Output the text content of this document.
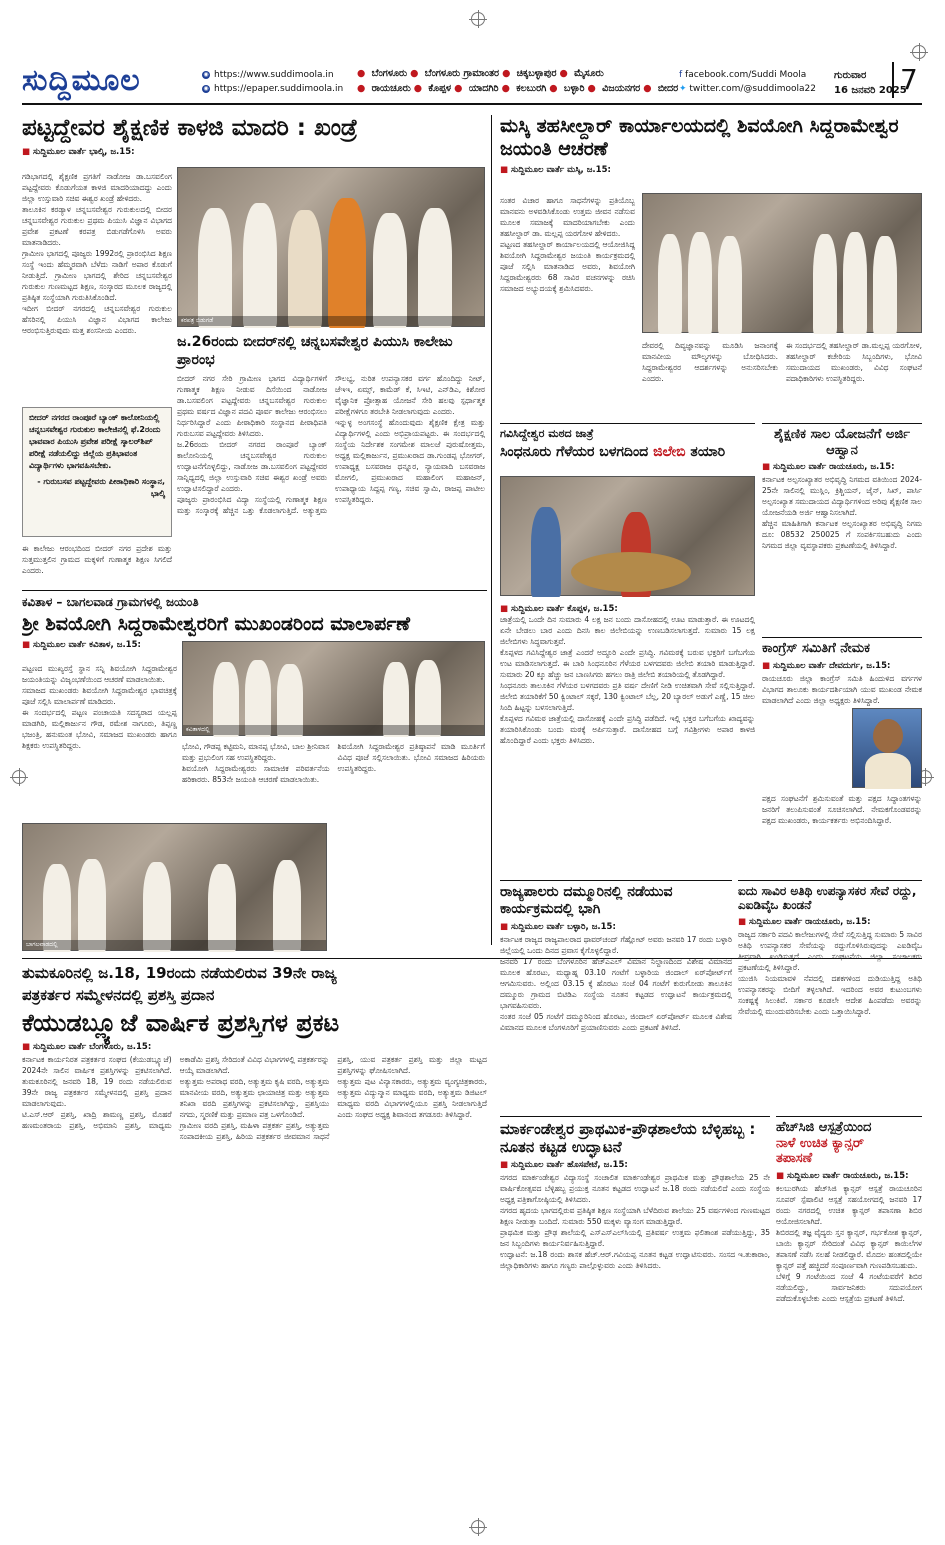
ಸುದ್ದಿಮೂಲ	◉ https://www.suddimoola.in
◉ https://epaper.suddimoola.in
● ಬೆಂಗಳೂರು ● ಬೆಂಗಳೂರು ಗ್ರಾಮಾಂತರ ● ಚಿಕ್ಕಬಳ್ಳಾಪುರ ● ಮೈಸೂರು
● ರಾಯಚೂರು ● ಕೊಪ್ಪಳ ● ಯಾದಗಿರಿ ● ಕಲಬುರಗಿ ● ಬಳ್ಳಾರಿ ● ವಿಜಯನಗರ ● ಬೀದರ
f facebook.com/Suddi Moola
✦ twitter.com/@suddimoola22
ಗುರುವಾರ
16 ಜನವರಿ 2025
7
ಪಟ್ಟದ್ದೇವರ ಶೈಕ್ಷಣಿಕ ಕಾಳಜಿ ಮಾದರಿ : ಖಂಡ್ರೆ
■ ಸುದ್ದಿಮೂಲ ವಾರ್ತೆ ಭಾಲ್ಕಿ, ಜ.15:

ಗಡಿಭಾಗದಲ್ಲಿ ಶೈಕ್ಷಣಿಕ ಪ್ರಗತಿಗೆ ನಾಡೋಜ ಡಾ.ಬಸವಲಿಂಗ ಪಟ್ಟದ್ದೇವರು ಕೊಡುಗೆಯತ ಕಾಳಜಿ ಮಾದರಿಯಾದದ್ದು ಎಂದು ಜಿಲ್ಲಾ ಉಸ್ತುವಾರಿ ಸಚಿವ ಈಶ್ವರ ಖಂಡ್ರೆ ಹೇಳಿದರು.

ತಾಲೂಕಿನ ಕರಡ್ಯಾಳ ಚನ್ನಬಸವೇಶ್ವರ ಗುರುಕುಲದಲ್ಲಿ ಬೀದರ ಚನ್ನಬಸವೇಶ್ವರ ಗುರುಕುಲ ಪ್ರಥಮ ಪಿಯುಸಿ ವಿಜ್ಞಾನ ವಿಭಾಗದ ಪ್ರವೇಶ ಪ್ರಕಟಣೆ ಕರಪತ್ರ ಬಿಡುಗಡೆಗೊಳಿಸಿ ಅವರು ಮಾತನಾಡಿದರು.

ಗ್ರಾಮೀಣ ಭಾಗದಲ್ಲಿ ಪೂಜ್ಯರು 1992ರಲ್ಲಿ ಪ್ರಾರಂಭಿಸಿದ ಶಿಕ್ಷಣ ಸಂಸ್ಥೆ ಇಂದು ಹೆಮ್ಮರವಾಗಿ ಬೆಳೆದು ನಾಡಿಗೆ ಅಪಾರ ಕೊಡುಗೆ ನೀಡುತ್ತಿದೆ. ಗ್ರಾಮೀಣ ಭಾಗದಲ್ಲಿ ಶೇರಿದ ಚನ್ನಬಸವೇಶ್ವರ ಗುರುಕುಲ ಗುಣಮಟ್ಟದ ಶಿಕ್ಷಣ, ಸಂಸ್ಕಾರದ ಮೂಲಕ ರಾಜ್ಯದಲ್ಲಿ ಪ್ರತಿಷ್ಠಿತ ಸಂಸ್ಥೆಯಾಗಿ ಗುರುತಿಸಿಕೊಂಡಿದೆ.

ಇದೀಗ ಬೀದರ್ ನಗರದಲ್ಲಿ ಚನ್ನಬಸವೇಶ್ವರ ಗುರುಕುಲ ಹೆಸರಿನಲ್ಲಿ ಪಿಯುಸಿ ವಿಜ್ಞಾನ ವಿಭಾಗದ ಕಾಲೇಜು ಆರಂಭಿಸುತ್ತಿರುವುದು ಮತ್ತ ಶಂಸನೀಯ ಎಂದರು.

ಕರಪತ್ರ ಬಿಡುಗಡೆ
ಜ.26ರಂದು ಬೀದರ್‌ನಲ್ಲಿ ಚನ್ನಬಸವೇಶ್ವರ ಪಿಯುಸಿ ಕಾಲೇಜು ಪ್ರಾರಂಭ
ಬೀದರ್ ನಗರದ ರಾಂಪೂರೆ ಬ್ಯಾಂಕ್ ಕಾಲೋನಿಯಲ್ಲಿ ಚನ್ನಬಸವೇಶ್ವರ ಗುರುಕುಲ ಕಾಲೇಜಿನಲ್ಲಿ ಫೆ.2ರಂದು ಭಾವವಾರ ಪಿಯುಸಿ ಪ್ರವೇಶ ಪರೀಕ್ಷೆ ಸ್ಕಾಲರ್‌ಶಿಪ್ ಪರೀಕ್ಷೆ ನಡೆಯಲಿದ್ದು ಜಿಲ್ಲೆಯ ಪ್ರತಿಭಾವಂತ ವಿದ್ಯಾರ್ಥಿಗಳು ಭಾಗವಹಿಸಬೇಕು.
- ಗುರುಬಸವ ಪಟ್ಟದ್ದೇವರು ಪೀಠಾಧಿಕಾರಿ ಸಂಸ್ಥಾನ, ಭಾಲ್ಕಿ
ಈ ಕಾಲೇಜು ಆರಂಭದಿಂದ ಬೀದರ್ ನಗರ ಪ್ರದೇಶ ಮತ್ತು ಸುತ್ತಮುತ್ತಲಿನ ಗ್ರಾಮದ ಮಕ್ಕಳಿಗೆ ಗುಣಾತ್ಮಕ ಶಿಕ್ಷಣ ಸಿಗಲಿದೆ ಎಂದರು.

ಬೀದರ್ ನಗರ ಸೇರಿ ಗ್ರಾಮೀಣ ಭಾಗದ ವಿದ್ಯಾರ್ಥಿಗಳಿಗೆ ಗುಣಾತ್ಮಕ ಶಿಕ್ಷಣ ನೀಡುವ ದಿಸೆಯಿಂದ ನಾಡೋಜ ಡಾ.ಬಸವಲಿಂಗ ಪಟ್ಟದ್ದೇವರು ಚನ್ನಬಸವೇಶ್ವರ ಗುರುಕುಲ ಪ್ರಥಮ ವರ್ಷದ ವಿಜ್ಞಾನ ಪದವಿ ಪೂರ್ವ ಕಾಲೇಜು ಆರಂಭಿಸಲು ನಿರ್ಧರಿಸಿದ್ದಾರೆ ಎಂದು ಪೀಠಾಧಿಕಾರಿ ಸಂಸ್ಥಾನದ ಪೀಠಾಧಿಪತಿ ಗುರುಬಸವ ಪಟ್ಟದ್ದೇವರು ತಿಳಿಸಿದರು.

ಜ.26ರಂದು ಬೀದರ್ ನಗರದ ರಾಂಪೂರೆ ಬ್ಯಾಂಕ್ ಕಾಲೋನಿಯಲ್ಲಿ ಚನ್ನಬಸವೇಶ್ವರ ಗುರುಕುಲ ಉದ್ಘಾಟನೆಗೊಳ್ಳಲಿದ್ದು, ನಾಡೋಜ ಡಾ.ಬಸವಲಿಂಗ ಪಟ್ಟದ್ದೇವರ ಸಾನ್ನಿಧ್ಯದಲ್ಲಿ ಜಿಲ್ಲಾ ಉಸ್ತುವಾರಿ ಸಚಿವ ಈಶ್ವರ ಖಂಡ್ರೆ ಅವರು ಉದ್ಘಾಟಿಸಲಿದ್ದಾರೆ ಎಂದರು.

ಪೂಜ್ಯರು ಪ್ರಾರಂಭಿಸಿದ ವಿದ್ಯಾ ಸಂಸ್ಥೆಯಲ್ಲಿ ಗುಣಾತ್ಮಕ ಶಿಕ್ಷಣ ಮತ್ತು ಸಂಸ್ಕಾರಕ್ಕೆ ಹೆಚ್ಚಿನ ಒತ್ತು ಕೊಡಲಾಗುತ್ತಿದೆ. ಅತ್ಯುತ್ತಮ ಸೌಲಭ್ಯ, ನುರಿತ ಉಪನ್ಯಾಸಕರ ವರ್ಗ ಹೊಂದಿದ್ದು ನೀಟ್, ಜೆಇಇ, ಏಮ್ಸ್, ಕಾಮೆಡ್ ಕೆ, ಸಿಇಟಿ, ಎನ್‌ಡಿಎ, ಕಿಶೋರ ವೈಜ್ಞಾನಿಕ ಪ್ರೋತ್ಸಾಹ ಯೋಜನೆ ಸೇರಿ ಹಲವು ಸ್ಪರ್ಧಾತ್ಮಕ ಪರೀಕ್ಷೆಗಳಿಗೂ ತರಬೇತಿ ನೀಡಲಾಗುವುದು ಎಂದರು.

ಇನ್ನುಳ್ಳ ಅಂಗಸಂಸ್ಥೆ ಹೊಂದುವುದು ಶೈಕ್ಷಣಿಕ ಕ್ಷೇತ್ರ ಮತ್ತು ವಿದ್ಯಾರ್ಥಿಗಳಲ್ಲಿ ಎಂದು ಅಭಿಪ್ರಾಯಪಟ್ಟರು. ಈ ಸಂದರ್ಭದಲ್ಲಿ ಸಂಸ್ಥೆಯ ನಿರ್ದೇಶಕ ಸಂಗಮೇಶ ಮಾಲಜೆ ಪುರುಷೋತ್ತಮ, ಅಧ್ಯಕ್ಷ ಮಲ್ಲಿಕಾರ್ಜುನ, ಪ್ರಮುಖರಾದ ಡಾ.ಗುಂಡಪ್ಪ ಭೋಗರ್, ಉಪಾಧ್ಯಕ್ಷ ಬಸವರಾಜ ಧನ್ನೂರ, ನ್ಯಾಯವಾದಿ ಬಸವರಾಜ ಮೋಗಲಿ, ಪ್ರಮುಖರಾದ ಮಹಾಲಿಂಗ ಮಹಾಜನ್, ಉಪಾಧ್ಯಾಯ ಸಿದ್ದಪ್ಪ ಗಣ್ಯ, ಸಚಿವ ಸ್ವಾಮಿ, ರಾಜಪ್ಪ ಪಾಟೀಲ ಉಪಸ್ಥಿತರಿದ್ದರು.

ಕವಿತಾಳ – ಬಾಗಲವಾಡ ಗ್ರಾಮಗಳಲ್ಲಿ ಜಯಂತಿ
ಶ್ರೀ ಶಿವಯೋಗಿ ಸಿದ್ದರಾಮೇಶ್ವರರಿಗೆ ಮುಖಂಡರಿಂದ ಮಾಲಾರ್ಪಣೆ
■ ಸುದ್ದಿಮೂಲ ವಾರ್ತೆ ಕವಿತಾಳ, ಜ.15:

ಪಟ್ಟಣದ ಮುಖ್ಯರಸ್ತೆ ಸ್ಥಾನ ಸನ್ನಿ ಶಿವಯೋಗಿ ಸಿದ್ದರಾಮೇಶ್ವರ ಜಯಂತಿಯನ್ನು ವಿಜೃಂಭಣೆಯಿಂದ ಆಚರಣೆ ಮಾಡಲಾಯಿತು.

ಸಮಾಜದ ಮುಖಂಡರು ಶಿವಯೋಗಿ ಸಿದ್ದರಾಮೇಶ್ವರ ಭಾವಚಿತ್ರಕ್ಕೆ ಪೂಜೆ ಸಲ್ಲಿಸಿ ಮಾಲಾರ್ಪಣೆ ಮಾಡಿದರು.

ಈ ಸಂದರ್ಭದಲ್ಲಿ ಪಟ್ಟಣ ಪಂಚಾಯತಿ ಸದಸ್ಯರಾದ ಯಲ್ಲಪ್ಪ ಮಾಡಗಿರಿ, ಮಲ್ಲಿಕಾರ್ಜುನ ಗೌಡ, ರಮೇಶ ನಾಗೂರು, ತಿಪ್ಪಣ್ಣ ಭಜಂತ್ರಿ, ಹನುಮಂತ ಭೋವಿ, ಸಮಾಜದ ಮುಖಂಡರು ಹಾಗೂ ಶಿಕ್ಷಕರು ಉಪಸ್ಥಿತರಿದ್ದರು.

ಕವಿತಾಳದಲ್ಲಿ

ಭೋವಿ, ಗೌಡಪ್ಪ ಕಟ್ಟಿಮನಿ, ಮಾನಪ್ಪ ಭೋವಿ, ಬಾಲ ಶ್ರೀನಿವಾಸ ಮತ್ತು ಪ್ರಭುಲಿಂಗ ಸಹ ಉಪಸ್ಥಿತರಿದ್ದರು.

ಶಿವಯೋಗಿ ಸಿದ್ದರಾಮೇಶ್ವರರು ಸಾಮಾಜಿಕ ಪರಿವರ್ತನೆಯ ಹರಿಕಾರರು. 853ನೇ ಜಯಂತಿ ಆಚರಣೆ ಮಾಡಲಾಯಿತು.

ಶಿವಯೋಗಿ ಸಿದ್ದರಾಮೇಶ್ವರ ಪ್ರತಿಷ್ಠಾಪನೆ ಮಾಡಿ ಮೂರ್ತಿಗೆ ವಿವಿಧ ಪೂಜೆ ಸಲ್ಲಿಸಲಾಯಿತು. ಭೋವಿ ಸಮಾಜದ ಹಿರಿಯರು ಉಪಸ್ಥಿತರಿದ್ದರು.

ಬಾಗಲವಾಡದಲ್ಲಿ
ತುಮಕೂರಿನಲ್ಲಿ ಜ.18, 19ರಂದು ನಡೆಯಲಿರುವ 39ನೇ ರಾಜ್ಯ
ಪತ್ರಕರ್ತರ ಸಮ್ಮೇಳನದಲ್ಲಿ ಪ್ರಶಸ್ತಿ ಪ್ರದಾನ
ಕೆಯುಡಬ್ಲ್ಯೂಜೆ ವಾರ್ಷಿಕ ಪ್ರಶಸ್ತಿಗಳ ಪ್ರಕಟ
■ ಸುದ್ದಿಮೂಲ ವಾರ್ತೆ ಬೆಂಗಳೂರು, ಜ.15:

ಕರ್ನಾಟಕ ಕಾರ್ಯನಿರತ ಪತ್ರಕರ್ತರ ಸಂಘದ (ಕೆಯುಡಬ್ಲ್ಯೂಜೆ) 2024ನೇ ಸಾಲಿನ ವಾರ್ಷಿಕ ಪ್ರಶಸ್ತಿಗಳನ್ನು ಪ್ರಕಟಿಸಲಾಗಿದೆ. ತುಮಕೂರಿನಲ್ಲಿ ಜನವರಿ 18, 19 ರಂದು ನಡೆಯಲಿರುವ 39ನೇ ರಾಜ್ಯ ಪತ್ರಕರ್ತರ ಸಮ್ಮೇಳನದಲ್ಲಿ ಪ್ರಶಸ್ತಿ ಪ್ರದಾನ ಮಾಡಲಾಗುವುದು.

ಟಿ.ಎಸ್.ಆರ್ ಪ್ರಶಸ್ತಿ, ಖಾದ್ರಿ ಶಾಮಣ್ಣ ಪ್ರಶಸ್ತಿ, ಮೊಹರೆ ಹಣಮಂತರಾಯ ಪ್ರಶಸ್ತಿ, ಅಭಿಮಾನಿ ಪ್ರಶಸ್ತಿ, ಮಾಧ್ಯಮ ಅಕಾಡೆಮಿ ಪ್ರಶಸ್ತಿ ಸೇರಿದಂತೆ ವಿವಿಧ ವಿಭಾಗಗಳಲ್ಲಿ ಪತ್ರಕರ್ತರನ್ನು ಆಯ್ಕೆ ಮಾಡಲಾಗಿದೆ.

ಅತ್ಯುತ್ತಮ ಅಪರಾಧ ವರದಿ, ಅತ್ಯುತ್ತಮ ಕೃಷಿ ವರದಿ, ಅತ್ಯುತ್ತಮ ಮಾನವೀಯ ವರದಿ, ಅತ್ಯುತ್ತಮ ಛಾಯಾಚಿತ್ರ ಮತ್ತು ಅತ್ಯುತ್ತಮ ತನಿಖಾ ವರದಿ ಪ್ರಶಸ್ತಿಗಳನ್ನು ಪ್ರಕಟಿಸಲಾಗಿದ್ದು, ಪ್ರಶಸ್ತಿಯು ನಗದು, ಸ್ಮರಣಿಕೆ ಮತ್ತು ಪ್ರಮಾಣ ಪತ್ರ ಒಳಗೊಂಡಿದೆ.

ಗ್ರಾಮೀಣ ವರದಿ ಪ್ರಶಸ್ತಿ, ಮಹಿಳಾ ಪತ್ರಕರ್ತ ಪ್ರಶಸ್ತಿ, ಅತ್ಯುತ್ತಮ ಸಂಪಾದಕೀಯ ಪ್ರಶಸ್ತಿ, ಹಿರಿಯ ಪತ್ರಕರ್ತರ ಜೀವಮಾನ ಸಾಧನೆ ಪ್ರಶಸ್ತಿ, ಯುವ ಪತ್ರಕರ್ತ ಪ್ರಶಸ್ತಿ ಮತ್ತು ಜಿಲ್ಲಾ ಮಟ್ಟದ ಪ್ರಶಸ್ತಿಗಳನ್ನು ಘೋಷಿಸಲಾಗಿದೆ.

ಅತ್ಯುತ್ತಮ ಪುಟ ವಿನ್ಯಾಸಕಾರರು, ಅತ್ಯುತ್ತಮ ವ್ಯಂಗ್ಯಚಿತ್ರಕಾರರು, ಅತ್ಯುತ್ತಮ ವಿದ್ಯುನ್ಮಾನ ಮಾಧ್ಯಮ ವರದಿ, ಅತ್ಯುತ್ತಮ ಡಿಜಿಟಲ್ ಮಾಧ್ಯಮ ವರದಿ ವಿಭಾಗಗಳಲ್ಲಿಯೂ ಪ್ರಶಸ್ತಿ ನೀಡಲಾಗುತ್ತಿದೆ ಎಂದು ಸಂಘದ ಅಧ್ಯಕ್ಷ ಶಿವಾನಂದ ತಗಡೂರು ತಿಳಿಸಿದ್ದಾರೆ.

ಮಸ್ಕಿ ತಹಸೀಲ್ದಾರ್ ಕಾರ್ಯಾಲಯದಲ್ಲಿ ಶಿವಯೋಗಿ ಸಿದ್ದರಾಮೇಶ್ವರ ಜಯಂತಿ ಆಚರಣೆ
■ ಸುದ್ದಿಮೂಲ ವಾರ್ತೆ ಮಸ್ಕಿ, ಜ.15:

ಸಂತರ ವಿಚಾರ ಹಾಗೂ ಸಾಧನೆಗಳನ್ನು ಪ್ರತಿಯೊಬ್ಬ ಮಾನವನು ಅಳವಡಿಸಿಕೊಂಡು ಉತ್ತಮ ಜೀವನ ನಡೆಸುವ ಮೂಲಕ ಸಮಾಜಕ್ಕೆ ಮಾದರಿಯಾಗಬೇಕು ಎಂದು ತಹಸೀಲ್ದಾರ್ ಡಾ. ಮಲ್ಲಪ್ಪ ಯರಗೋಳ ಹೇಳಿದರು.

ಪಟ್ಟಣದ ತಹಸೀಲ್ದಾರ್ ಕಾರ್ಯಾಲಯದಲ್ಲಿ ಆಯೋಜಿಸಿದ್ದ ಶಿವಯೋಗಿ ಸಿದ್ದರಾಮೇಶ್ವರ ಜಯಂತಿ ಕಾರ್ಯಕ್ರಮದಲ್ಲಿ ಪೂಜೆ ಸಲ್ಲಿಸಿ ಮಾತನಾಡಿದ ಅವರು, ಶಿವಯೋಗಿ ಸಿದ್ದರಾಮೇಶ್ವರರು 68 ಸಾವಿರ ವಚನಗಳನ್ನು ರಚಿಸಿ ಸಮಾಜದ ಅಭ್ಯುದಯಕ್ಕೆ ಶ್ರಮಿಸಿದವರು.

ದೇವರಲ್ಲಿ ದಿವ್ಯಜ್ಞಾನವನ್ನು ಮೂಡಿಸಿ ಜನಾಂಗಕ್ಕೆ ಮಾನವೀಯ ಮೌಲ್ಯಗಳನ್ನು ಬೋಧಿಸಿದರು. ಸಿದ್ದರಾಮೇಶ್ವರರ ಆದರ್ಶಗಳನ್ನು ಅನುಸರಿಸಬೇಕು ಎಂದರು.

ಈ ಸಂದರ್ಭದಲ್ಲಿ ತಹಸೀಲ್ದಾರ್ ಡಾ.ಮಲ್ಲಪ್ಪ ಯರಗೋಳ, ತಹಸೀಲ್ದಾರ್ ಕಚೇರಿಯ ಸಿಬ್ಬಂದಿಗಳು, ಭೋವಿ ಸಮುದಾಯದ ಮುಖಂಡರು, ವಿವಿಧ ಸಂಘಟನೆ ಪದಾಧಿಕಾರಿಗಳು ಉಪಸ್ಥಿತರಿದ್ದರು.

ಗವಿಸಿದ್ದೇಶ್ವರ ಮಠದ ಜಾತ್ರೆ
ಸಿಂಧನೂರು ಗೆಳೆಯರ ಬಳಗದಿಂದ ಜಿಲೇಬಿ ತಯಾರಿ
■ ಸುದ್ದಿಮೂಲ ವಾರ್ತೆ ಕೊಪ್ಪಳ, ಜ.15:

ಜಾತ್ರೆಯಲ್ಲಿ ಒಂದೇ ದಿನ ಸುಮಾರು 4 ಲಕ್ಷ ಜನ ಬಂದು ದಾಸೋಹದಲ್ಲಿ ಊಟ ಮಾಡುತ್ತಾರೆ. ಈ ಊಟದಲ್ಲಿ ಏನೇ ಬೇಡಲು ಬಾರ ಎಂದು ದಿನಸಿ ಕಾಲ ಜಿಲೇಬಿಯನ್ನು ಉಣಬಡಿಸಲಾಗುತ್ತದೆ. ಸುಮಾರು 15 ಲಕ್ಷ ಜಿಲೇಬಿಗಳು ಸಿದ್ಧವಾಗುತ್ತವೆ.

ಕೊಪ್ಪಳದ ಗವಿಸಿದ್ದೇಶ್ವರ ಜಾತ್ರೆ ಎಂದರೆ ಅದ್ಧೂರಿ ಎಂದೇ ಪ್ರಸಿದ್ಧಿ. ಗವಿಮಠಕ್ಕೆ ಬರುವ ಭಕ್ತರಿಗೆ ಬಗೆಬಗೆಯ ಉಟ ಮಾಡಿಸಲಾಗುತ್ತದೆ. ಈ ಬಾರಿ ಸಿಂಧನೂರಿನ ಗೆಳೆಯರ ಬಳಗದವರು ಜಿಲೇಬಿ ತಯಾರಿ ಮಾಡುತ್ತಿದ್ದಾರೆ. ಸುಮಾರು 20 ಕ್ಕೂ ಹೆಚ್ಚು ಜನ ಬಾಣಸಿಗರು ಹಗಲು ರಾತ್ರಿ ಜಿಲೇಬಿ ತಯಾರಿಯಲ್ಲಿ ತೊಡಗಿದ್ದಾರೆ.

ಸಿಂಧನೂರು ತಾಲೂಕಿನ ಗೆಳೆಯರ ಬಳಗದವರು ಪ್ರತಿ ವರ್ಷ ದೇಣಿಗೆ ನೀಡಿ ಉಚಿತವಾಗಿ ಸೇವೆ ಸಲ್ಲಿಸುತ್ತಿದ್ದಾರೆ. ಜಿಲೇಬಿ ತಯಾರಿಕೆಗೆ 50 ಕ್ವಿಂಟಾಲ್ ಸಕ್ಕರೆ, 130 ಕ್ವಿಂಟಾಲ್ ಬೆಲ್ಲ, 20 ಬ್ಯಾರಲ್ ಅಡುಗೆ ಎಣ್ಣೆ, 15 ಚೀಲ ಸಿಂದಿ ಹಿಟ್ಟನ್ನು ಬಳಸಲಾಗುತ್ತಿದೆ.

ಕೊಪ್ಪಳದ ಗವಿಮಠ ಜಾತ್ರೆಯಲ್ಲಿ ದಾಸೋಹಕ್ಕೆ ಎಂದೇ ಪ್ರಸಿದ್ಧಿ ಪಡೆದಿದೆ. ಇಲ್ಲಿ ಭಕ್ತರ ಬಗೆಬಗೆಯ ಖಾದ್ಯವನ್ನು ತಯಾರಿಸಿಕೊಂಡು ಬಂದು ಮಠಕ್ಕೆ ಅರ್ಪಿಸುತ್ತಾರೆ. ದಾಸೋಹದ ಬಗ್ಗೆ ಗವಿಶ್ರೀಗಳು ಅಪಾರ ಕಾಳಜಿ ಹೊಂದಿದ್ದಾರೆ ಎಂದು ಭಕ್ತರು ತಿಳಿಸಿದರು.

ಶೈಕ್ಷಣಿಕ ಸಾಲ ಯೋಜನೆಗೆ ಅರ್ಜಿ ಆಹ್ವಾನ
■ ಸುದ್ದಿಮೂಲ ವಾರ್ತೆ ರಾಯಚೂರು, ಜ.15:

ಕರ್ನಾಟಕ ಅಲ್ಪಸಂಖ್ಯಾತರ ಅಭಿವೃದ್ಧಿ ನಿಗಮದ ವತಿಯಿಂದ 2024-25ನೇ ಸಾಲಿನಲ್ಲಿ ಮುಸ್ಲಿಂ, ಕ್ರಿಶ್ಚಿಯನ್, ಜೈನ್, ಸಿಖ್, ಪಾರ್ಸಿ ಅಲ್ಪಸಂಖ್ಯಾತ ಸಮುದಾಯದ ವಿದ್ಯಾರ್ಥಿಗಳಿಂದ ಅರಿವು ಶೈಕ್ಷಣಿಕ ಸಾಲ ಯೋಜನೆಯಡಿ ಅರ್ಜಿ ಆಹ್ವಾನಿಸಲಾಗಿದೆ.

ಹೆಚ್ಚಿನ ಮಾಹಿತಿಗಾಗಿ ಕರ್ನಾಟಕ ಅಲ್ಪಸಂಖ್ಯಾತರ ಅಭಿವೃದ್ಧಿ ನಿಗಮ ದೂ: 08532 250025 ಗೆ ಸಂಪರ್ಕಿಸಬಹುದು ಎಂದು ನಿಗಮದ ಜಿಲ್ಲಾ ವ್ಯವಸ್ಥಾಪಕರು ಪ್ರಕಟಣೆಯಲ್ಲಿ ತಿಳಿಸಿದ್ದಾರೆ.

ಕಾಂಗ್ರೆಸ್ ಸಮಿತಿಗೆ ನೇಮಕ
■ ಸುದ್ದಿಮೂಲ ವಾರ್ತೆ ದೇವದುರ್ಗ, ಜ.15:

ರಾಯಚೂರು ಜಿಲ್ಲಾ ಕಾಂಗ್ರೆಸ್ ಸಮಿತಿ ಹಿಂದುಳಿದ ವರ್ಗಗಳ ವಿಭಾಗದ ತಾಲೂಕು ಕಾರ್ಯದರ್ಶಿಯಾಗಿ ಯುವ ಮುಖಂಡ ನೇಮಕ ಮಾಡಲಾಗಿದೆ ಎಂದು ಜಿಲ್ಲಾ ಅಧ್ಯಕ್ಷರು ತಿಳಿಸಿದ್ದಾರೆ.

ಪಕ್ಷದ ಸಂಘಟನೆಗೆ ಶ್ರಮಿಸುವಂತೆ ಮತ್ತು ಪಕ್ಷದ ಸಿದ್ಧಾಂತಗಳನ್ನು ಜನರಿಗೆ ತಲುಪಿಸುವಂತೆ ಸೂಚಿಸಲಾಗಿದೆ. ನೇಮಕಗೊಂಡವರನ್ನು ಪಕ್ಷದ ಮುಖಂಡರು, ಕಾರ್ಯಕರ್ತರು ಅಭಿನಂದಿಸಿದ್ದಾರೆ.
ರಾಜ್ಯಪಾಲರು ದಮ್ಮೂರಿನಲ್ಲಿ ನಡೆಯುವ ಕಾರ್ಯಕ್ರಮದಲ್ಲಿ ಭಾಗಿ
■ ಸುದ್ದಿಮೂಲ ವಾರ್ತೆ ಬಳ್ಳಾರಿ, ಜ.15:

ಕರ್ನಾಟಕ ರಾಜ್ಯದ ರಾಜ್ಯಪಾಲರಾದ ಥಾವರ್‌ಚಂದ್ ಗೆಹ್ಲೋಟ್ ಅವರು ಜನವರಿ 17 ರಂದು ಬಳ್ಳಾರಿ ಜಿಲ್ಲೆಯಲ್ಲಿ ಒಂದು ದಿನದ ಪ್ರವಾಸ ಕೈಗೊಳ್ಳಲಿದ್ದಾರೆ.

ಜನವರಿ 17 ರಂದು ಬೆಂಗಳೂರಿನ ಹೆಚ್‌ಎಎಲ್ ವಿಮಾನ ನಿಲ್ದಾಣದಿಂದ ವಿಶೇಷ ವಿಮಾನದ ಮೂಲಕ ಹೊರಟು, ಮಧ್ಯಾಹ್ನ 03.10 ಗಂಟೆಗೆ ಬಳ್ಳಾರಿಯ ಜಿಂದಾಲ್ ಏರ್‌ಪೋರ್ಟ್‌ಗೆ ಆಗಮಿಸುವರು. ಅಲ್ಲಿಂದ 03.15 ಕ್ಕೆ ಹೊರಟು ಸಂಜೆ 04 ಗಂಟೆಗೆ ಕುರುಗೋಡು ತಾಲೂಕಿನ ದಮ್ಮೂರು ಗ್ರಾಮದ ಬಿಟಿಡಿಎ ಸಂಸ್ಥೆಯ ನೂತನ ಕಟ್ಟಡದ ಉದ್ಘಾಟನೆ ಕಾರ್ಯಕ್ರಮದಲ್ಲಿ ಭಾಗವಹಿಸುವರು.

ನಂತರ ಸಂಜೆ 05 ಗಂಟೆಗೆ ದಮ್ಮೂರಿನಿಂದ ಹೊರಟು, ಜಿಂದಾಲ್ ಏರ್‌ಪೋರ್ಟ್ ಮೂಲಕ ವಿಶೇಷ ವಿಮಾನದ ಮೂಲಕ ಬೆಂಗಳೂರಿಗೆ ಪ್ರಯಾಣಿಸುವರು ಎಂದು ಪ್ರಕಟಣೆ ತಿಳಿಸಿದೆ.

ಐದು ಸಾವಿರ ಅತಿಥಿ ಉಪನ್ಯಾಸಕರ ಸೇವೆ ರದ್ದು, ಎಐಡಿವೈಒ ಖಂಡನೆ
■ ಸುದ್ದಿಮೂಲ ವಾರ್ತೆ ರಾಯಚೂರು, ಜ.15:

ರಾಜ್ಯದ ಸರ್ಕಾರಿ ಪದವಿ ಕಾಲೇಜುಗಳಲ್ಲಿ ಸೇವೆ ಸಲ್ಲಿಸುತ್ತಿದ್ದ ಸುಮಾರು 5 ಸಾವಿರ ಅತಿಥಿ ಉಪನ್ಯಾಸಕರ ಸೇವೆಯನ್ನು ರದ್ದುಗೊಳಿಸಿರುವುದನ್ನು ಎಐಡಿವೈಒ ತೀವ್ರವಾಗಿ ಖಂಡಿಸುತ್ತದೆ ಎಂದು ಸಂಘಟನೆಯ ಜಿಲ್ಲಾ ಸಂಚಾಲಕರು ಪ್ರಕಟಣೆಯಲ್ಲಿ ತಿಳಿಸಿದ್ದಾರೆ.

ಯುಜಿಸಿ ನಿಯಮಾವಳಿ ನೆಪದಲ್ಲಿ ದಶಕಗಳಿಂದ ದುಡಿಯುತ್ತಿದ್ದ ಅತಿಥಿ ಉಪನ್ಯಾಸಕರನ್ನು ಬೀದಿಗೆ ತಳ್ಳಲಾಗಿದೆ. ಇದರಿಂದ ಅವರ ಕುಟುಂಬಗಳು ಸಂಕಷ್ಟಕ್ಕೆ ಸಿಲುಕಿವೆ. ಸರ್ಕಾರ ಕೂಡಲೇ ಆದೇಶ ಹಿಂಪಡೆದು ಅವರನ್ನು ಸೇವೆಯಲ್ಲಿ ಮುಂದುವರಿಸಬೇಕು ಎಂದು ಒತ್ತಾಯಿಸಿದ್ದಾರೆ.

ಮಾರ್ಕಂಡೇಶ್ವರ ಪ್ರಾಥಮಿಕ-ಪ್ರೌಢಶಾಲೆಯ ಬೆಳ್ಳಿಹಬ್ಬ : ನೂತನ ಕಟ್ಟಡ ಉದ್ಘಾಟನೆ
■ ಸುದ್ದಿಮೂಲ ವಾರ್ತೆ ಹೊಸಪೇಟೆ, ಜ.15:

ನಗರದ ಮಾರ್ಕಂಡೇಶ್ವರ ವಿದ್ಯಾಸಂಸ್ಥೆ ಸಂಚಾಲಿತ ಮಾರ್ಕಂಡೇಶ್ವರ ಪ್ರಾಥಮಿಕ ಮತ್ತು ಪ್ರೌಢಶಾಲೆಯ 25 ನೇ ವಾರ್ಷಿಕೋತ್ಸವದ ಬೆಳ್ಳಿಹಬ್ಬ ಪ್ರಯುಕ್ತ ನೂತನ ಕಟ್ಟಡದ ಉದ್ಘಾಟನೆ ಜ.18 ರಂದು ನಡೆಯಲಿದೆ ಎಂದು ಸಂಸ್ಥೆಯ ಅಧ್ಯಕ್ಷ ಪತ್ರಿಕಾಗೋಷ್ಠಿಯಲ್ಲಿ ತಿಳಿಸಿದರು.

ನಗರದ ಹೃದಯ ಭಾಗದಲ್ಲಿರುವ ಪ್ರತಿಷ್ಠಿತ ಶಿಕ್ಷಣ ಸಂಸ್ಥೆಯಾಗಿ ಬೆಳೆದಿರುವ ಶಾಲೆಯು 25 ವರ್ಷಗಳಿಂದ ಗುಣಮಟ್ಟದ ಶಿಕ್ಷಣ ನೀಡುತ್ತಾ ಬಂದಿದೆ. ಸುಮಾರು 550 ಮಕ್ಕಳು ವ್ಯಾಸಂಗ ಮಾಡುತ್ತಿದ್ದಾರೆ.

ಪ್ರಾಥಮಿಕ ಮತ್ತು ಪ್ರೌಢ ಶಾಲೆಯಲ್ಲಿ ಎಸ್ಎಸ್ಎಲ್‌ಸಿಯಲ್ಲಿ ಪ್ರತಿವರ್ಷ ಉತ್ತಮ ಫಲಿತಾಂಶ ಪಡೆಯುತ್ತಿದ್ದು, 35 ಜನ ಸಿಬ್ಬಂದಿಗಳು ಕಾರ್ಯನಿರ್ವಹಿಸುತ್ತಿದ್ದಾರೆ.

ಉದ್ಘಾಟನೆ: ಜ.18 ರಂದು ಶಾಸಕ ಹೆಚ್.ಆರ್.ಗವಿಯಪ್ಪ ನೂತನ ಕಟ್ಟಡ ಉದ್ಘಾಟಿಸುವರು. ಸಂಸದ ಇ.ತುಕಾರಾಂ, ಜಿಲ್ಲಾಧಿಕಾರಿಗಳು ಹಾಗೂ ಗಣ್ಯರು ಪಾಲ್ಗೊಳ್ಳುವರು ಎಂದು ತಿಳಿಸಿದರು.

ಹೆಚ್‌ಸಿಜಿ ಆಸ್ಪತ್ರೆಯಿಂದ
ನಾಳೆ ಉಚಿತ ಕ್ಯಾನ್ಸರ್
ತಪಾಸಣೆ
■ ಸುದ್ದಿಮೂಲ ವಾರ್ತೆ ರಾಯಚೂರು, ಜ.15:

ಕಲಬುರಗಿಯ ಹೆಚ್‌ಸಿಜಿ ಕ್ಯಾನ್ಸರ್ ಆಸ್ಪತ್ರೆ ರಾಯಚೂರಿನ ಸೂಪರ್ ಸ್ಪೆಷಾಲಿಟಿ ಆಸ್ಪತ್ರೆ ಸಹಯೋಗದಲ್ಲಿ ಜನವರಿ 17 ರಂದು ನಗರದಲ್ಲಿ ಉಚಿತ ಕ್ಯಾನ್ಸರ್ ತಪಾಸಣಾ ಶಿಬಿರ ಆಯೋಜಿಸಲಾಗಿದೆ.

ಶಿಬಿರದಲ್ಲಿ ತಜ್ಞ ವೈದ್ಯರು ಸ್ತನ ಕ್ಯಾನ್ಸರ್, ಗರ್ಭಕೋಶ ಕ್ಯಾನ್ಸರ್, ಬಾಯಿ ಕ್ಯಾನ್ಸರ್ ಸೇರಿದಂತೆ ವಿವಿಧ ಕ್ಯಾನ್ಸರ್ ಕಾಯಿಲೆಗಳ ತಪಾಸಣೆ ನಡೆಸಿ ಸಲಹೆ ನೀಡಲಿದ್ದಾರೆ. ಮೊದಲ ಹಂತದಲ್ಲಿಯೇ ಕ್ಯಾನ್ಸರ್ ಪತ್ತೆ ಹಚ್ಚಿದರೆ ಸಂಪೂರ್ಣವಾಗಿ ಗುಣಪಡಿಸಬಹುದು.

ಬೆಳಿಗ್ಗೆ 9 ಗಂಟೆಯಿಂದ ಸಂಜೆ 4 ಗಂಟೆಯವರೆಗೆ ಶಿಬಿರ ನಡೆಯಲಿದ್ದು, ಸಾರ್ವಜನಿಕರು ಸದುಪಯೋಗ ಪಡೆದುಕೊಳ್ಳಬೇಕು ಎಂದು ಆಸ್ಪತ್ರೆಯ ಪ್ರಕಟಣೆ ತಿಳಿಸಿದೆ.
